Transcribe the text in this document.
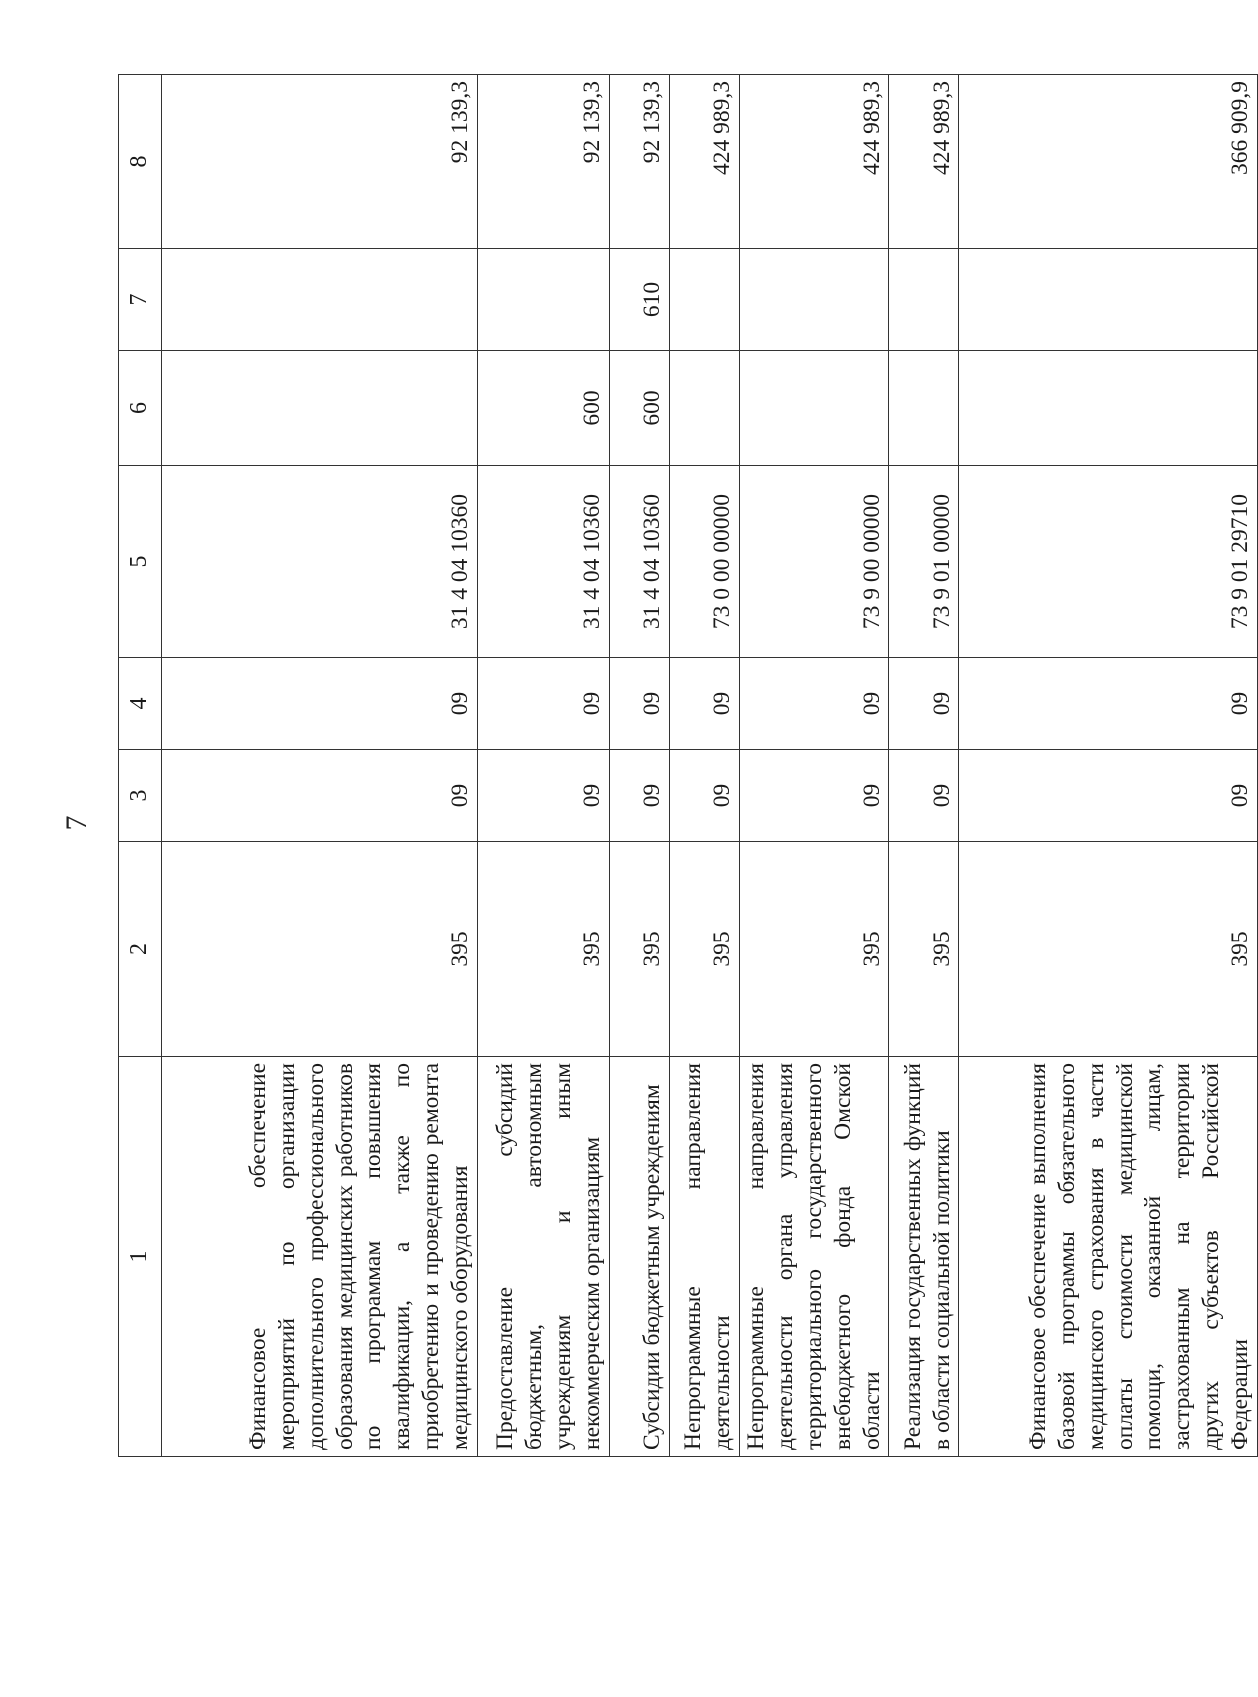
7
1	2	3	4	5	6	7	8
Финансовое обеспечение мероприятий по организации дополнительного профессионального образования медицинских работников по программам повышения квалификации, а также по приобретению и проведению ремонта медицинского оборудования	395	09	09	31 4 04 10360			92 139,3
Предоставление субсидий бюджетным, автономным учреждениям и иным некоммерческим организациям	395	09	09	31 4 04 10360	600		92 139,3
Субсидии бюджетным учреждениям	395	09	09	31 4 04 10360	600	610	92 139,3
Непрограммные направления деятельности	395	09	09	73 0 00 00000			424 989,3
Непрограммные направления деятельности органа управления территориального государственного внебюджетного фонда Омской области	395	09	09	73 9 00 00000			424 989,3
Реализация государственных функций в области социальной политики	395	09	09	73 9 01 00000			424 989,3
Финансовое обеспечение выполнения базовой программы обязательного медицинского страхования в части оплаты стоимости медицинской помощи, оказанной лицам, застрахованным на территории других субъектов Российской Федерации	395	09	09	73 9 01 29710			366 909,9
